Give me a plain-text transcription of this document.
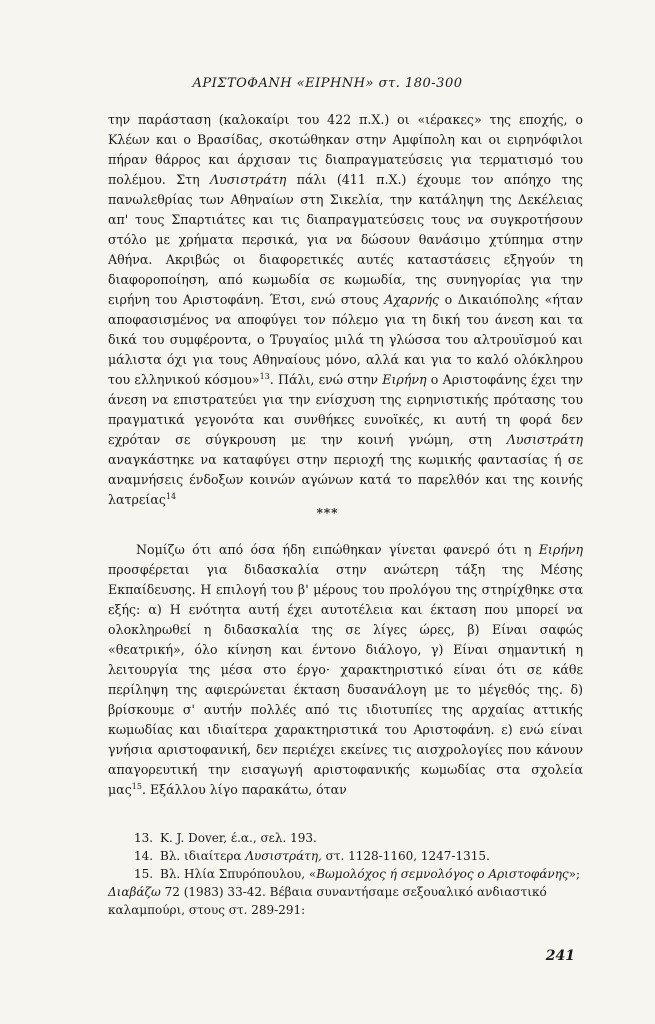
ΑΡΙΣΤΟΦΑΝΗ «ΕΙΡΗΝΗ» στ. 180-300
την παράσταση (καλοκαίρι του 422 π.Χ.) οι «ιέρακες» της εποχής, ο Κλέων και ο Βρασίδας, σκοτώθηκαν στην Αμφίπολη και οι ειρηνόφιλοι πήραν θάρρος και άρχισαν τις διαπραγματεύσεις για τερματισμό του πολέμου. Στη Λυσιστράτη πάλι (411 π.Χ.) έχουμε τον απόηχο της πανωλεθρίας των Αθηναίων στη Σικελία, την κατάληψη της Δεκέλειας απ' τους Σπαρτιάτες και τις διαπραγματεύσεις τους να συγκροτήσουν στόλο με χρήματα περσικά, για να δώσουν θανάσιμο χτύπημα στην Αθήνα. Ακριβώς οι διαφορετικές αυτές καταστάσεις εξηγούν τη διαφοροποίηση, από κωμωδία σε κωμωδία, της συνηγορίας για την ειρήνη του Αριστοφάνη. Έτσι, ενώ στους Αχαρνής ο Δικαιόπολης «ήταν αποφασισμένος να αποφύγει τον πόλεμο για τη δική του άνεση και τα δικά του συμφέροντα, ο Τρυγαίος μιλά τη γλώσσα του αλτρουϊσμού και μάλιστα όχι για τους Αθηναίους μόνο, αλλά και για το καλό ολόκληρου του ελληνικού κόσμου»$^{13}$. Πάλι, ενώ στην Ειρήνη ο Αριστοφάνης έχει την άνεση να επιστρατεύει για την ενίσχυση της ειρηνιστικής πρότασης του πραγματικά γεγονότα και συνθήκες ευνοϊκές, κι αυτή τη φορά δεν εχρόταν σε σύγκρουση με την κοινή γνώμη, στη Λυσιστράτη αναγκάστηκε να καταφύγει στην περιοχή της κωμικής φαντασίας ή σε αναμνήσεις ένδοξων κοινών αγώνων κατά το παρελθόν και της κοινής λατρείας$^{14}$
***
Νομίζω ότι από όσα ήδη ειπώθηκαν γίνεται φανερό ότι η Ειρήνη προσφέρεται για διδασκαλία στην ανώτερη τάξη της Μέσης Εκπαίδευσης. Η επιλογή του β' μέρους του προλόγου της στηρίχθηκε στα εξής: α) Η ενότητα αυτή έχει αυτοτέλεια και έκταση που μπορεί να ολοκληρωθεί η διδασκαλία της σε λίγες ώρες, β) Είναι σαφώς «θεατρική», όλο κίνηση και έντονο διάλογο, γ) Είναι σημαντική η λειτουργία της μέσα στο έργο· χαρακτηριστικό είναι ότι σε κάθε περίληψη της αφιερώνεται έκταση δυσανάλογη με το μέγεθός της. δ) βρίσκουμε σ' αυτήν πολλές από τις ιδιοτυπίες της αρχαίας αττικής κωμωδίας και ιδιαίτερα χαρακτηριστικά του Αριστοφάνη. ε) ενώ είναι γνήσια αριστοφανική, δεν περιέχει εκείνες τις αισχρολογίες που κάνουν απαγορευτική την εισαγωγή αριστοφανικής κωμωδίας στα σχολεία μας$^{15}$. Εξάλλου λίγο παρακάτω, όταν
13. K. J. Dover, έ.α., σελ. 193.
14. Βλ. ιδιαίτερα Λυσιστράτη, στ. 1128-1160, 1247-1315.
15. Βλ. Ηλία Σπυρόπουλου, «Βωμολόχος ή σεμνολόγος ο Αριστοφάνης»; Διαβάζω 72 (1983) 33-42. Βέβαια συναντήσαμε σεξουαλικό ανδιαστικό καλαμπούρι, στους στ. 289-291:
241
